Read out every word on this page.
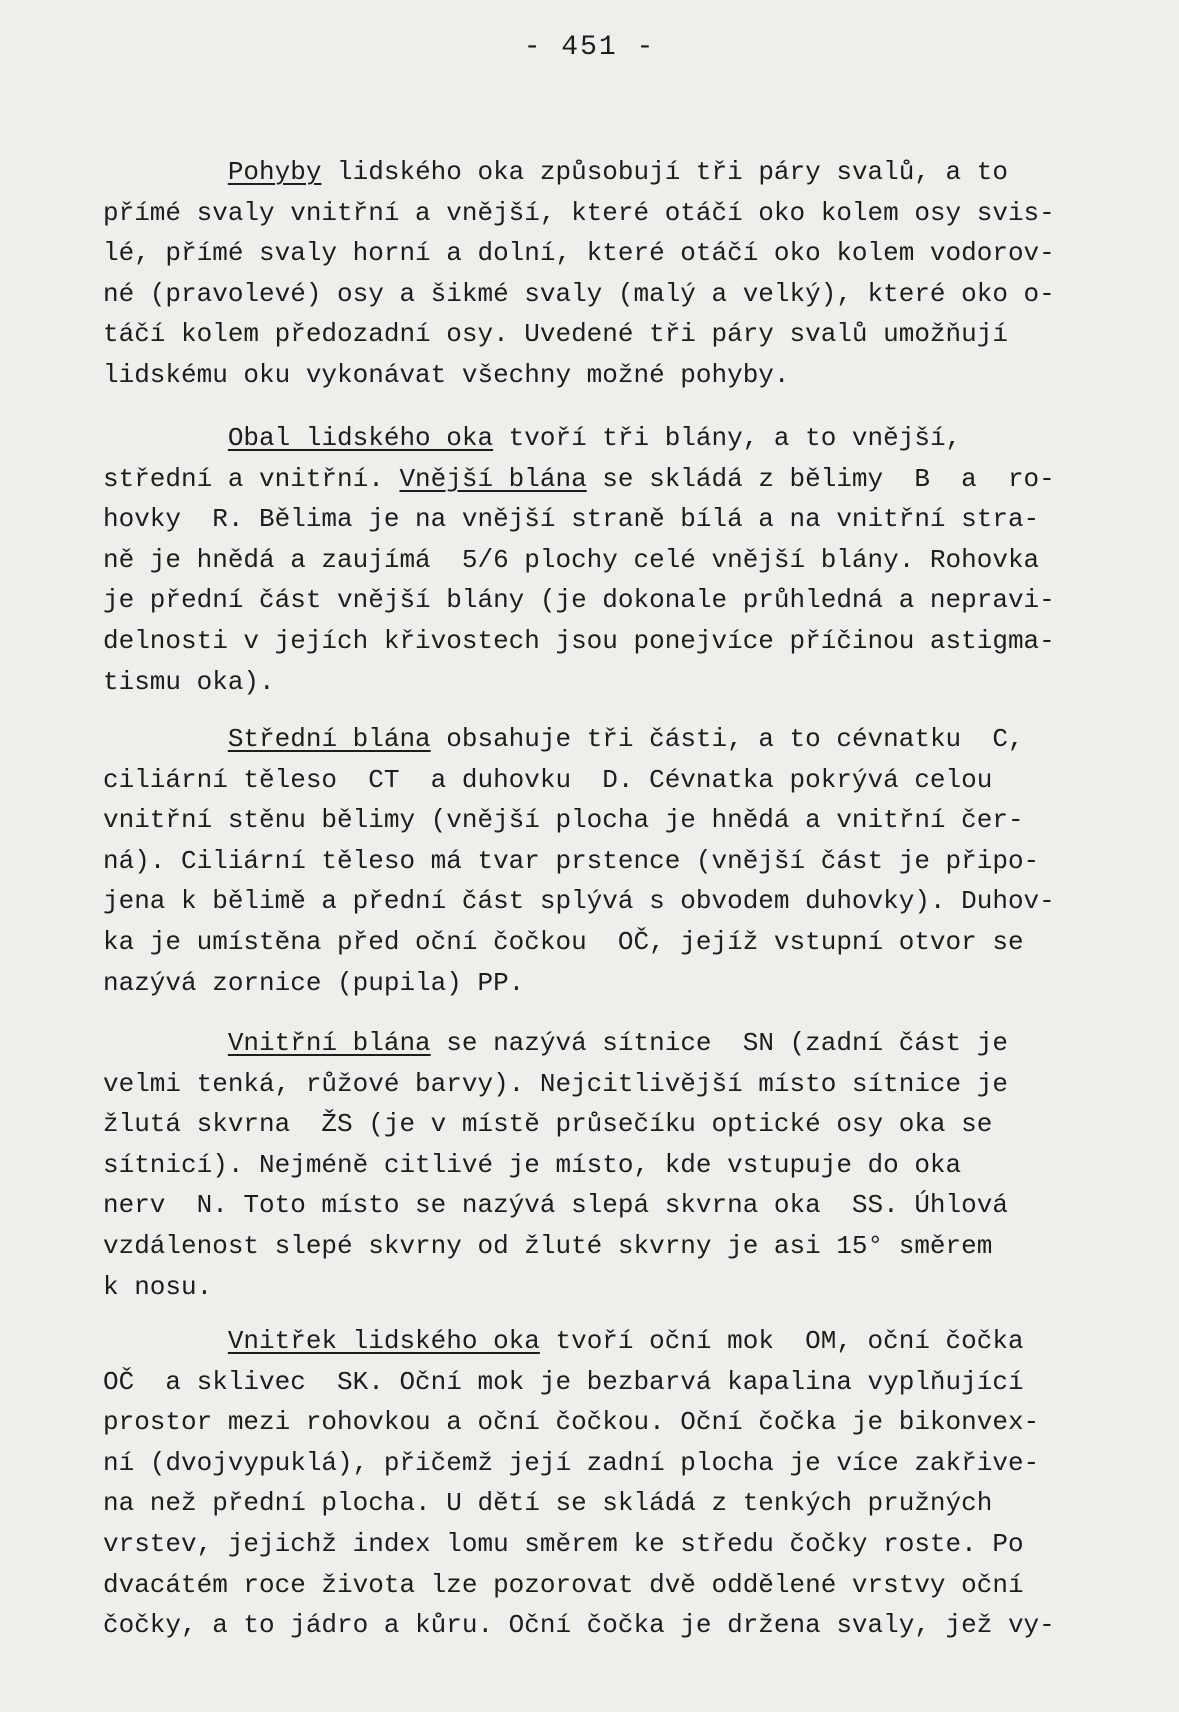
- 451 -

Pohyby lidského oka způsobují tři páry svalů, a to
přímé svaly vnitřní a vnější, které otáčí oko kolem osy svis-
lé, přímé svaly horní a dolní, které otáčí oko kolem vodorov-
né (pravolevé) osy a šikmé svaly (malý a velký), které oko o-
táčí kolem předozadní osy. Uvedené tři páry svalů umožňují
lidskému oku vykonávat všechny možné pohyby.

Obal lidského oka tvoří tři blány, a to vnější,
střední a vnitřní. Vnější blána se skládá z bělimy  B  a  ro-
hovky  R. Bělima je na vnější straně bílá a na vnitřní stra-
ně je hnědá a zaujímá  5/6 plochy celé vnější blány. Rohovka
je přední část vnější blány (je dokonale průhledná a nepravi-
delnosti v jejích křivostech jsou ponejvíce příčinou astigma-
tismu oka).

Střední blána obsahuje tři části, a to cévnatku  C,
ciliární těleso  CT  a duhovku  D. Cévnatka pokrývá celou
vnitřní stěnu bělimy (vnější plocha je hnědá a vnitřní čer-
ná). Ciliární těleso má tvar prstence (vnější část je připo-
jena k bělimě a přední část splývá s obvodem duhovky). Duhov-
ka je umístěna před oční čočkou  OČ, jejíž vstupní otvor se
nazývá zornice (pupila) PP.

Vnitřní blána se nazývá sítnice  SN (zadní část je
velmi tenká, růžové barvy). Nejcitlivější místo sítnice je
žlutá skvrna  ŽS (je v místě průsečíku optické osy oka se
sítnicí). Nejméně citlivé je místo, kde vstupuje do oka
nerv  N. Toto místo se nazývá slepá skvrna oka  SS. Úhlová
vzdálenost slepé skvrny od žluté skvrny je asi 15° směrem
k nosu.

Vnitřek lidského oka tvoří oční mok  OM, oční čočka
OČ  a sklivec  SK. Oční mok je bezbarvá kapalina vyplňující
prostor mezi rohovkou a oční čočkou. Oční čočka je bikonvex-
ní (dvojvypuklá), přičemž její zadní plocha je více zakřive-
na než přední plocha. U dětí se skládá z tenkých pružných
vrstev, jejichž index lomu směrem ke středu čočky roste. Po
dvacátém roce života lze pozorovat dvě oddělené vrstvy oční
čočky, a to jádro a kůru. Oční čočka je držena svaly, jež vy-
